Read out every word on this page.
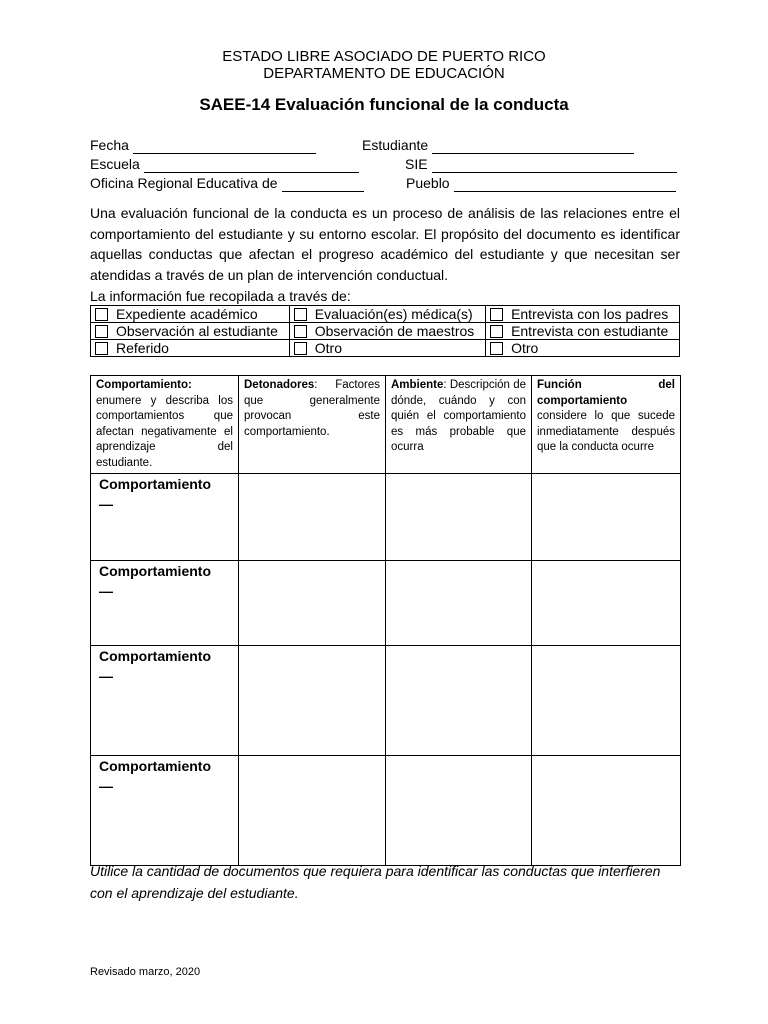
ESTADO LIBRE ASOCIADO DE PUERTO RICO
DEPARTAMENTO DE EDUCACIÓN
SAEE-14 Evaluación funcional de la conducta
Fecha	Estudiante
Escuela	SIE
Oficina Regional Educativa de	Pueblo
Una evaluación funcional de la conducta es un proceso de análisis de las relaciones entre el comportamiento del estudiante y su entorno escolar. El propósito del documento es identificar aquellas conductas que afectan el progreso académico del estudiante y que necesitan ser atendidas a través de un plan de intervención conductual.
La información fue recopilada a través de:
Expediente académico	Evaluación(es) médica(s)	Entrevista con los padres
Observación al estudiante	Observación de maestros	Entrevista con estudiante
Referido	Otro	Otro
Comportamiento: enumere y describa los comportamientos que afectan negativamente el aprendizaje del estudiante.	Detonadores: Factores que generalmente provocan este comportamiento.	Ambiente: Descripción de dónde, cuándo y con quién el comportamiento es más probable que ocurra	Función del comportamiento considere lo que sucede inmediatamente después que la conducta ocurre

Comportamiento
—			

Comportamiento
—			

Comportamiento
—			

Comportamiento
—			

Utilice la cantidad de documentos que requiera para identificar las conductas que interfieren con el aprendizaje del estudiante.
Revisado marzo, 2020
